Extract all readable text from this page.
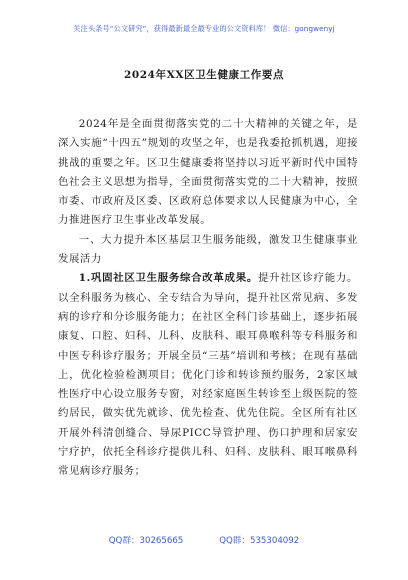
关注头条号“公文研究”，获得最新最全最专业的公文资料库！ 微信：gongwenyj
2024年XX区卫生健康工作要点

2024年是全面贯彻落实党的二十大精神的关键之年，是深入实施“十四五”规划的攻坚之年，也是我委抢抓机遇，迎接挑战的重要之年。区卫生健康委将坚持以习近平新时代中国特色社会主义思想为指导，全面贯彻落实党的二十大精神，按照市委、市政府及区委、区政府总体要求以人民健康为中心，全力推进医疗卫生事业改革发展。

一、大力提升本区基层卫生服务能级，激发卫生健康事业发展活力

1.巩固社区卫生服务综合改革成果。提升社区诊疗能力。以全科服务为核心、全专结合为导向，提升社区常见病、多发病的诊疗和分诊服务能力；在社区全科门诊基础上，逐步拓展康复、口腔、妇科、儿科、皮肤科、眼耳鼻喉科等专科服务和中医专科诊疗服务；开展全员“三基”培训和考核；在现有基础上，优化检验检测项目；优化门诊和转诊预约服务，2家区域性医疗中心设立服务专窗，对经家庭医生转诊至上级医院的签约居民，做实优先就诊、优先检查、优先住院。全区所有社区开展外科清创缝合、导尿PICC导管护理、伤口护理和居家安宁疗护，依托全科诊疗提供儿科、妇科、皮肤科、眼耳喉鼻科常见病诊疗服务；

QQ群：30265665	QQ群：535304092
